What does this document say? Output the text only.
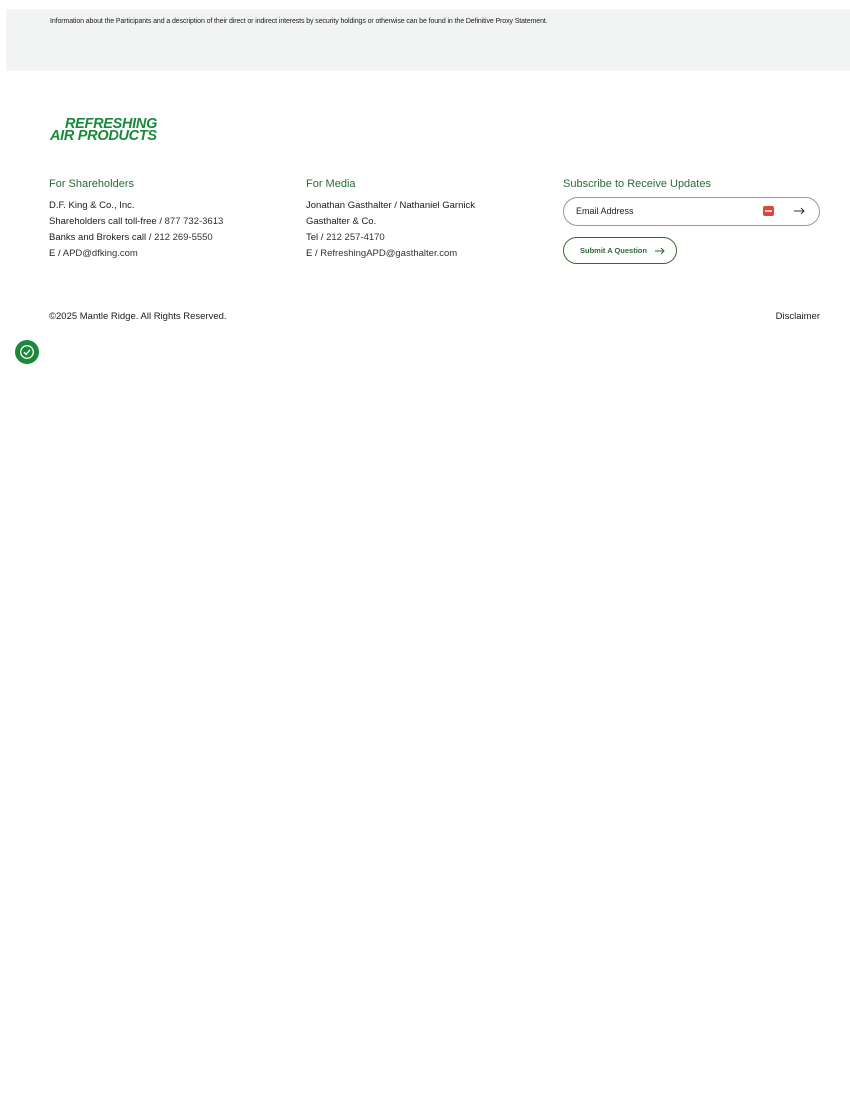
Information about the Participants and a description of their direct or indirect interests by security holdings or otherwise can be found in the Definitive Proxy Statement.
REFRESHING
AIR PRODUCTS
For Shareholders
D.F. King & Co., Inc.
Shareholders call toll-free / 877 732-3613
Banks and Brokers call / 212 269-5550
E / APD@dfking.com
For Media
Jonathan Gasthalter / Nathaniel Garnick
Gasthalter & Co.
Tel / 212 257-4170
E / RefreshingAPD@gasthalter.com
Subscribe to Receive Updates
Email Address
Submit A Question
©2025 Mantle Ridge. All Rights Reserved.	Disclaimer
